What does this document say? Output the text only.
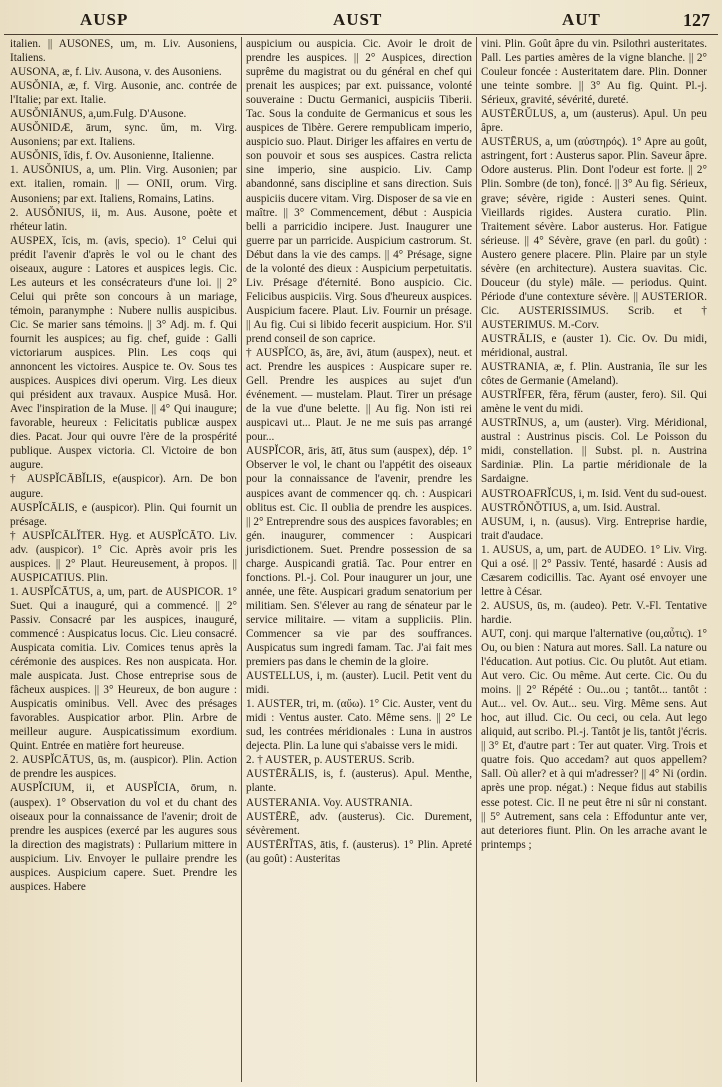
AUSP	AUST	AUT	127

italien. || AUSONES, um, m. Liv. Ausoniens, Italiens.

AUSONA, æ, f. Liv. Ausona, v. des Ausoniens.

AUSŎNIA, æ, f. Virg. Ausonie, anc. contrée de l'Italie; par ext. Italie.

AUSŎNIĀNUS, a,um.Fulg. D'Ausone.

AUSŎNIDÆ, ārum, sync. ŭm, m. Virg. Ausoniens; par ext. Italiens.

AUSŎNIS, ĭdis, f. Ov. Ausonienne, Italienne.

1. AUSŎNIUS, a, um. Plin. Virg. Ausonien; par ext. italien, romain. || — ONII, orum. Virg. Ausoniens; par ext. Italiens, Romains, Latins.

2. AUSŎNIUS, ii, m. Aus. Ausone, poète et rhéteur latin.

AUSPEX, ĭcis, m. (avis, specio). 1° Celui qui prédit l'avenir d'après le vol ou le chant des oiseaux, augure : Latores et auspices legis. Cic. Les auteurs et les consécrateurs d'une loi. || 2° Celui qui prête son concours à un mariage, témoin, paranymphe : Nubere nullis auspicibus. Cic. Se marier sans témoins. || 3° Adj. m. f. Qui fournit les auspices; au fig. chef, guide : Galli victoriarum auspices. Plin. Les coqs qui annoncent les victoires. Auspice te. Ov. Sous tes auspices. Auspices divi operum. Virg. Les dieux qui président aux travaux. Auspice Musâ. Hor. Avec l'inspiration de la Muse. || 4° Qui inaugure; favorable, heureux : Felicitatis publicæ auspex dies. Pacat. Jour qui ouvre l'ère de la prospérité publique. Auspex victoria. Cl. Victoire de bon augure.

† AUSPĬCĀBĬLIS, e(auspicor). Arn. De bon augure.

AUSPĬCĀLIS, e (auspicor). Plin. Qui fournit un présage.

† AUSPĬCĀLĬTER. Hyg. et AUSPĬCĀTO. Liv. adv. (auspicor). 1° Cic. Après avoir pris les auspices. || 2° Plaut. Heureusement, à propos. || AUSPICATIUS. Plin.

1. AUSPĬCĀTUS, a, um, part. de AUSPICOR. 1° Suet. Qui a inauguré, qui a commencé. || 2° Passiv. Consacré par les auspices, inauguré, commencé : Auspicatus locus. Cic. Lieu consacré. Auspicata comitia. Liv. Comices tenus après la cérémonie des auspices. Res non auspicata. Hor. male auspicata. Just. Chose entreprise sous de fâcheux auspices. || 3° Heureux, de bon augure : Auspicatis ominibus. Vell. Avec des présages favorables. Auspicatior arbor. Plin. Arbre de meilleur augure. Auspicatissimum exordium. Quint. Entrée en matière fort heureuse.

2. AUSPĬCĀTUS, ūs, m. (auspicor). Plin. Action de prendre les auspices.

AUSPĬCIUM, ii, et AUSPĬCIA, ōrum, n. (auspex). 1° Observation du vol et du chant des oiseaux pour la connaissance de l'avenir; droit de prendre les auspices (exercé par les augures sous la direction des magistrats) : Pullarium mittere in auspicium. Liv. Envoyer le pullaire prendre les auspices. Auspicium capere. Suet. Prendre les auspices. Habere

auspicium ou auspicia. Cic. Avoir le droit de prendre les auspices. || 2° Auspices, direction suprême du magistrat ou du général en chef qui prenait les auspices; par ext. puissance, volonté souveraine : Ductu Germanici, auspiciis Tiberii. Tac. Sous la conduite de Germanicus et sous les auspices de Tibère. Gerere rempublicam imperio, auspicio suo. Plaut. Diriger les affaires en vertu de son pouvoir et sous ses auspices. Castra relicta sine imperio, sine auspicio. Liv. Camp abandonné, sans discipline et sans direction. Suis auspiciis ducere vitam. Virg. Disposer de sa vie en maître. || 3° Commencement, début : Auspicia belli a parricidio incipere. Just. Inaugurer une guerre par un parricide. Auspicium castrorum. St. Début dans la vie des camps. || 4° Présage, signe de la volonté des dieux : Auspicium perpetuitatis. Liv. Présage d'éternité. Bono auspicio. Cic. Felicibus auspiciis. Virg. Sous d'heureux auspices. Auspicium facere. Plaut. Liv. Fournir un présage. || Au fig. Cui si libido fecerit auspicium. Hor. S'il prend conseil de son caprice.

† AUSPĬCO, ās, āre, āvi, ātum (auspex), neut. et act. Prendre les auspices : Auspicare super re. Gell. Prendre les auspices au sujet d'un événement. — mustelam. Plaut. Tirer un présage de la vue d'une belette. || Au fig. Non isti rei auspicavi ut... Plaut. Je ne me suis pas arrangé pour...

AUSPĬCOR, āris, ātī, ātus sum (auspex), dép. 1° Observer le vol, le chant ou l'appétit des oiseaux pour la connaissance de l'avenir, prendre les auspices avant de commencer qq. ch. : Auspicari oblitus est. Cic. Il oublia de prendre les auspices. || 2° Entreprendre sous des auspices favorables; en gén. inaugurer, commencer : Auspicari jurisdictionem. Suet. Prendre possession de sa charge. Auspicandi gratiâ. Tac. Pour entrer en fonctions. Pl.-j. Col. Pour inaugurer un jour, une année, une fête. Auspicari gradum senatorium per militiam. Sen. S'élever au rang de sénateur par le service militaire. — vitam a suppliciis. Plin. Commencer sa vie par des souffrances. Auspicatus sum ingredi famam. Tac. J'ai fait mes premiers pas dans le chemin de la gloire.

AUSTELLUS, i, m. (auster). Lucil. Petit vent du midi.

1. AUSTER, tri, m. (αὔω). 1° Cic. Auster, vent du midi : Ventus auster. Cato. Même sens. || 2° Le sud, les contrées méridionales : Luna in austros dejecta. Plin. La lune qui s'abaisse vers le midi.

2. † AUSTER, p. AUSTERUS. Scrib.

AUSTĒRĀLIS, is, f. (austerus). Apul. Menthe, plante.

AUSTERANIA. Voy. AUSTRANIA.

AUSTĒRĒ, adv. (austerus). Cic. Durement, sévèrement.

AUSTĒRĬTAS, ātis, f. (austerus). 1° Plin. Apreté (au goût) : Austeritas

vini. Plin. Goût âpre du vin. Psilothri austeritates. Pall. Les parties amères de la vigne blanche. || 2° Couleur foncée : Austeritatem dare. Plin. Donner une teinte sombre. || 3° Au fig. Quint. Pl.-j. Sérieux, gravité, sévérité, dureté.

AUSTĒRŬLUS, a, um (austerus). Apul. Un peu âpre.

AUSTĒRUS, a, um (αὐστηρός). 1° Apre au goût, astringent, fort : Austerus sapor. Plin. Saveur âpre. Odore austerus. Plin. Dont l'odeur est forte. || 2° Plin. Sombre (de ton), foncé. || 3° Au fig. Sérieux, grave; sévère, rigide : Austeri senes. Quint. Vieillards rigides. Austera curatio. Plin. Traitement sévère. Labor austerus. Hor. Fatigue sérieuse. || 4° Sévère, grave (en parl. du goût) : Austero genere placere. Plin. Plaire par un style sévère (en architecture). Austera suavitas. Cic. Douceur (du style) mâle. — periodus. Quint. Période d'une contexture sévère. || AUSTERIOR. Cic. AUSTERISSIMUS. Scrib. et † AUSTERIMUS. M.-Corv.

AUSTRĀLIS, e (auster 1). Cic. Ov. Du midi, méridional, austral.

AUSTRANIA, æ, f. Plin. Austrania, île sur les côtes de Germanie (Ameland).

AUSTRĬFER, fĕra, fĕrum (auster, fero). Sil. Qui amène le vent du midi.

AUSTRĪNUS, a, um (auster). Virg. Méridional, austral : Austrinus piscis. Col. Le Poisson du midi, constellation. || Subst. pl. n. Austrina Sardiniæ. Plin. La partie méridionale de la Sardaigne.

AUSTROAFRĬCUS, i, m. Isid. Vent du sud-ouest.

AUSTRŎNŎTIUS, a, um. Isid. Austral.

AUSUM, i, n. (ausus). Virg. Entreprise hardie, trait d'audace.

1. AUSUS, a, um, part. de AUDEO. 1° Liv. Virg. Qui a osé. || 2° Passiv. Tenté, hasardé : Ausis ad Cæsarem codicillis. Tac. Ayant osé envoyer une lettre à César.

2. AUSUS, ūs, m. (audeo). Petr. V.-Fl. Tentative hardie.

AUT, conj. qui marque l'alternative (ou,αὖτις). 1° Ou, ou bien : Natura aut mores. Sall. La nature ou l'éducation. Aut potius. Cic. Ou plutôt. Aut etiam. Aut vero. Cic. Ou même. Aut certe. Cic. Ou du moins. || 2° Répété : Ou...ou ; tantôt... tantôt : Aut... vel. Ov. Aut... seu. Virg. Même sens. Aut hoc, aut illud. Cic. Ou ceci, ou cela. Aut lego aliquid, aut scribo. Pl.-j. Tantôt je lis, tantôt j'écris. || 3° Et, d'autre part : Ter aut quater. Virg. Trois et quatre fois. Quo accedam? aut quos appellem? Sall. Où aller? et à qui m'adresser? || 4° Ni (ordin. après une prop. négat.) : Neque fidus aut stabilis esse potest. Cic. Il ne peut être ni sûr ni constant. || 5° Autrement, sans cela : Effoduntur ante ver, aut deteriores fiunt. Plin. On les arrache avant le printemps ;
